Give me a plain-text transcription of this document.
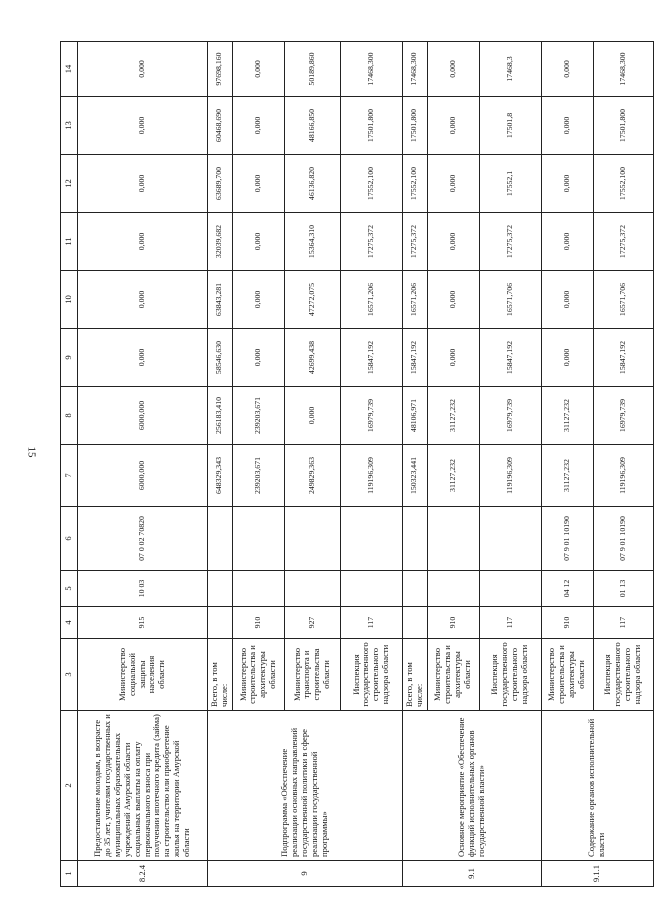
15
1	2	3	4	5	6	7	8	9	10	11	12	13	14
8.2.4	Предоставление молодым, в возрасте до 35 лет, учителям государственных и муниципальных образовательных учреждений Амурской области социальных выплаты на оплату первоначального взноса при получении ипотечного кредита (займа) на строительство или приобретение жилья на территории Амурской области	Министерство социальной защиты населения области	915	10 03	07 0 02 70820	6000,000	6000,000	0,000	0,000	0,000	0,000	0,000	0,000
9	Подпрограмма «Обеспечение реализации основных направлений государственной политики в сфере реализации государственной программы»	Всего, в том числе:				648329,343	256183,410	58546,630	63843,281	32039,682	63689,700	60468,690	97698,160
		Министерство строительства и архитектуры области	910			239203,671	239203,671	0,000	0,000	0,000	0,000	0,000	0,000
		Министерство транспорта и строительства области	927			249829,363	0,000	42699,438	47272,075	15364,310	46136,820	48166,850	50189,860
		Инспекция государственного строительного надзора области	117			119196,309	16979,739	15847,192	16571,206	17275,372	17552,100	17501,800	17468,300
9.1	Основное мероприятие «Обеспечение функций исполнительных органов государственной власти»	Всего, в том числе:				150323,441	48106,971	15847,192	16571,206	17275,372	17552,100	17501,800	17468,300
		Министерство строительства и архитектуры области	910			31127,232	31127,232	0,000	0,000	0,000	0,000	0,000	0,000
		Инспекция государственного строительного надзора области	117			119196,309	16979,739	15847,192	16571,706	17275,372	17552,1	17501,8	17468,3
9.1.1	Содержание органов исполнительной власти	Министерство строительства и архитектуры области	910	04 12	07 9 01 10190	31127,232	31127,232	0,000	0,000	0,000	0,000	0,000	0,000
		Инспекция государственного строительного надзора области	117	01 13	07 9 01 10190	119196,309	16979,739	15847,192	16571,706	17275,372	17552,100	17501,800	17468,300
